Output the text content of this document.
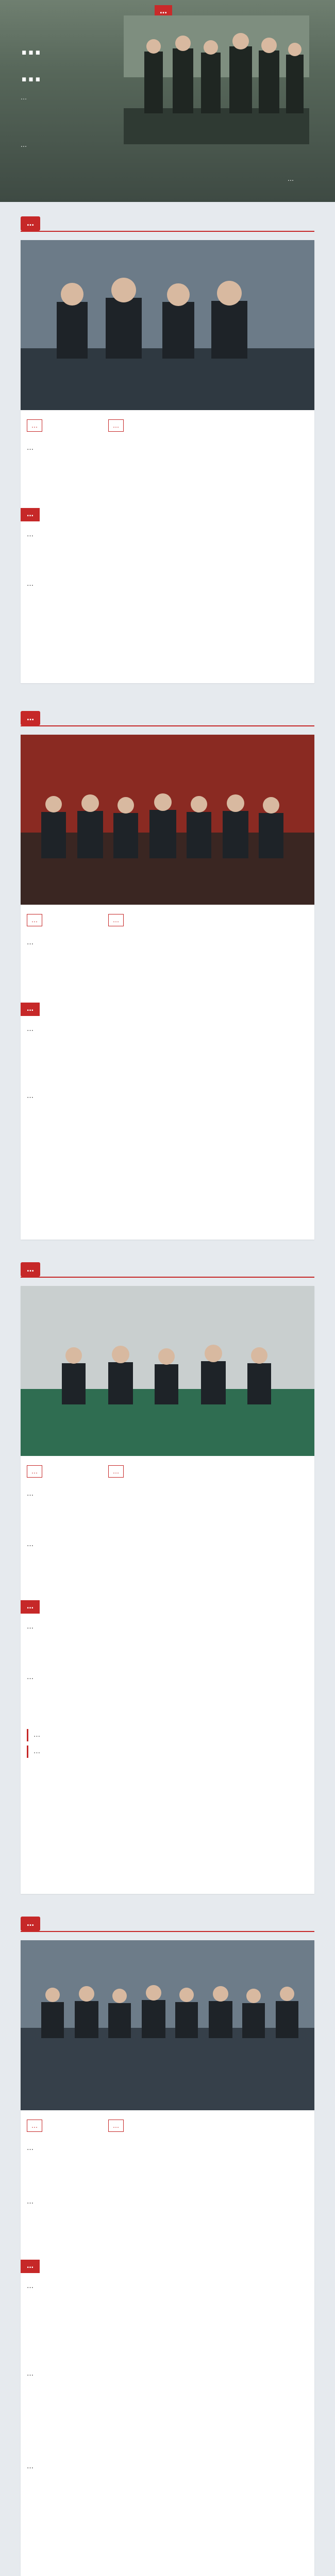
…
…
…
…
…
…
…
…	…
…
…
…
…
…
…	…
…
…
…
…
…
…	…
…
…
…
…
…
…
…
…
…	…
…
…
…
…
…
…
